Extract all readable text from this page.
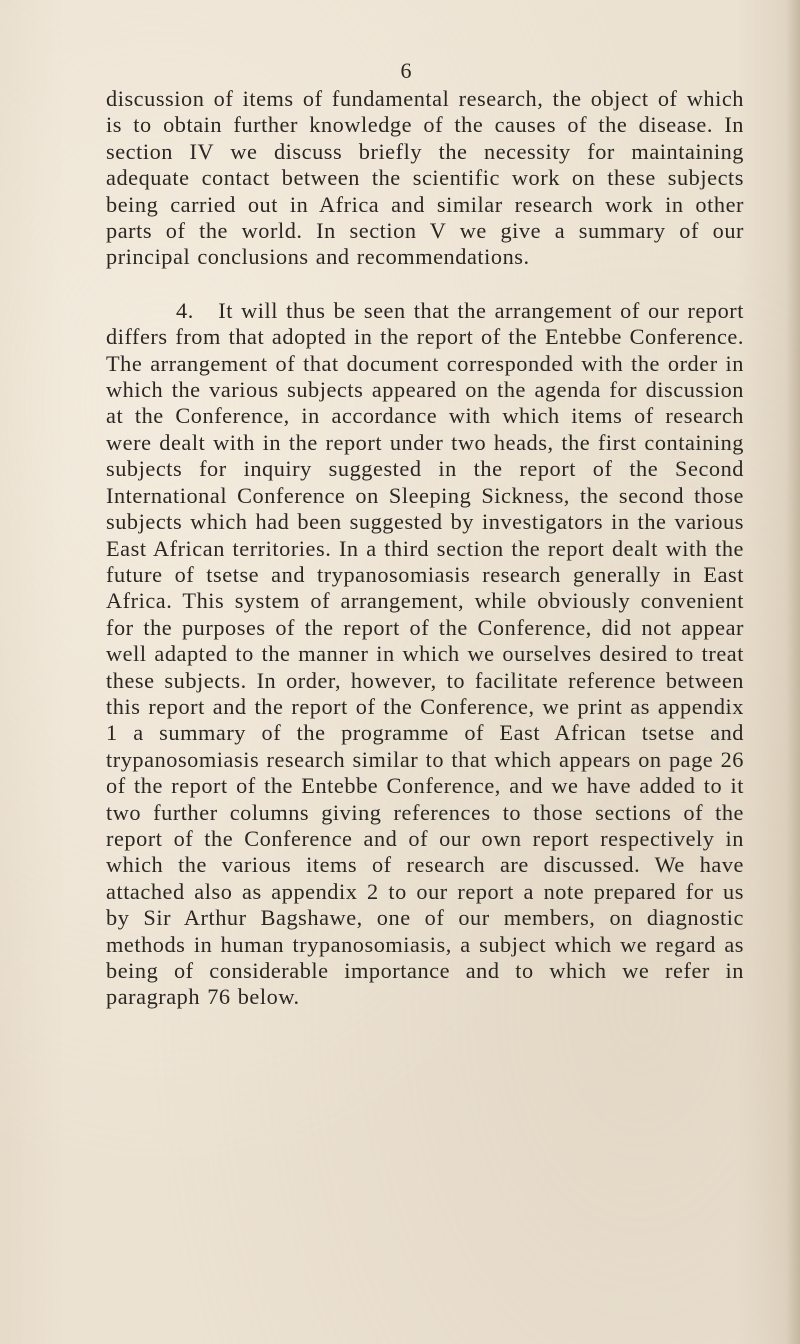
6

discussion of items of fundamental research, the object of which is to obtain further knowledge of the causes of the disease. In section IV we discuss briefly the necessity for maintaining adequate contact between the scientific work on these subjects being carried out in Africa and similar research work in other parts of the world. In section V we give a summary of our principal conclusions and recommendations.

4. It will thus be seen that the arrangement of our report differs from that adopted in the report of the Entebbe Conference. The arrangement of that document corresponded with the order in which the various subjects appeared on the agenda for discussion at the Conference, in accordance with which items of research were dealt with in the report under two heads, the first containing subjects for inquiry suggested in the report of the Second International Conference on Sleeping Sickness, the second those subjects which had been suggested by investigators in the various East African territories. In a third section the report dealt with the future of tsetse and trypanosomiasis research generally in East Africa. This system of arrangement, while obviously convenient for the purposes of the report of the Conference, did not appear well adapted to the manner in which we ourselves desired to treat these subjects. In order, however, to facilitate reference between this report and the report of the Conference, we print as appendix 1 a summary of the programme of East African tsetse and trypanosomiasis research similar to that which appears on page 26 of the report of the Entebbe Conference, and we have added to it two further columns giving references to those sections of the report of the Conference and of our own report respectively in which the various items of research are discussed. We have attached also as appendix 2 to our report a note prepared for us by Sir Arthur Bagshawe, one of our members, on diagnostic methods in human trypanosomiasis, a subject which we regard as being of considerable importance and to which we refer in paragraph 76 below.
